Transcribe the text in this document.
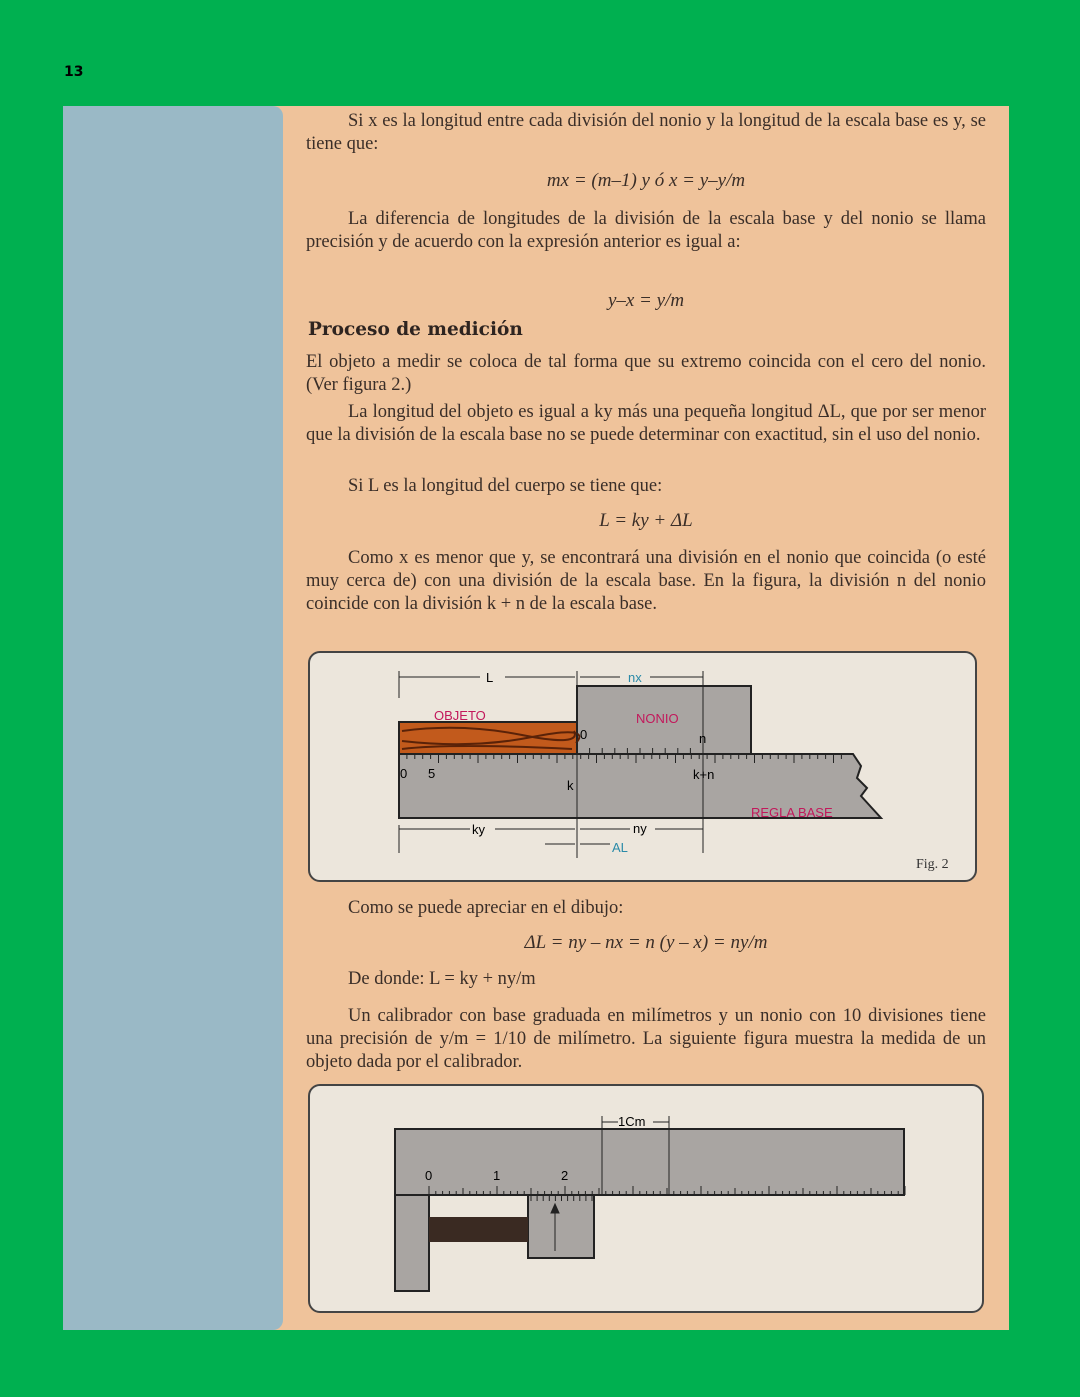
13
Si x es la longitud entre cada división del nonio y la longitud de la escala base es y, se tiene que:
mx = (m–1) y ó x = y–y/m
La diferencia de longitudes de la división de la escala base y del nonio se llama precisión y de acuerdo con la expresión anterior es igual a:
y–x = y/m
Proceso de medición
El objeto a medir se coloca de tal forma que su extremo coincida con el cero del nonio. (Ver figura 2.)
La longitud del objeto es igual a ky más una pequeña longitud ΔL, que por ser menor que la división de la escala base no se puede determinar con exactitud, sin el uso del nonio.
Si L es la longitud del cuerpo se tiene que:
L = ky + ΔL
Como x es menor que y, se encontrará una división en el nonio que coincida (o esté muy cerca de) con una división de la escala base. En la figura, la división n del nonio coincide con la división k + n de la escala base.
L	nx
OBJETO	NONIO
0	n
0 5
k
k+n
REGLA BASE
ky	ny
AL
Fig. 2
Como se puede apreciar en el dibujo:
ΔL = ny – nx = n (y – x) = ny/m
De donde: L = ky + ny/m
Un calibrador con base graduada en milímetros y un nonio con 10 divisiones tiene una precisión de y/m = 1/10 de milímetro. La siguiente figura muestra la medida de un objeto dada por el calibrador.
1Cm
0	1	2
